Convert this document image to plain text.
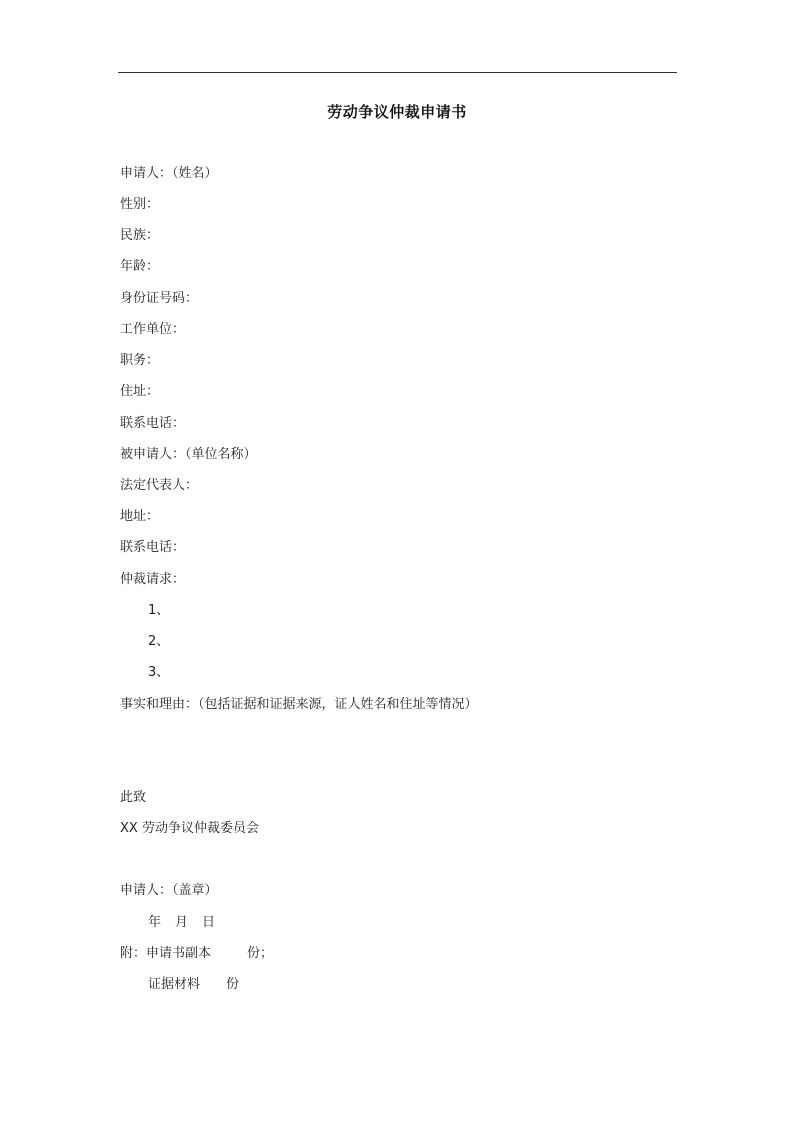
劳动争议仲裁申请书
申请人：（姓名）
性别：
民族：
年龄：
身份证号码：
工作单位：
职务：
住址：
联系电话：
被申请人：（单位名称）
法定代表人：
地址：
联系电话：
仲裁请求：
1、
2、
3、
事实和理由：（包括证据和证据来源，证人姓名和住址等情况）
此致
XX 劳动争议仲裁委员会
申请人：（盖章）
年 月 日
附：申请书副本	份；
证据材料 份
